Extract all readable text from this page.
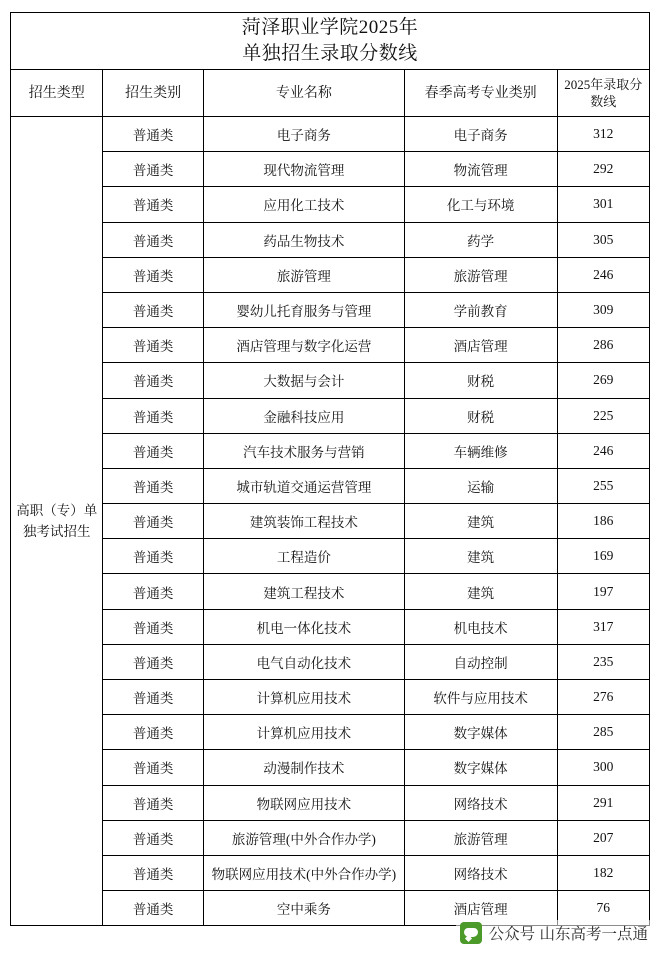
菏泽职业学院2025年
单独招生录取分数线				

招生类型	招生类别	专业名称	春季高考专业类别	2025年录取分数线
高职（专）单独考试招生	普通类	电子商务	电子商务	312
	普通类	现代物流管理	物流管理	292
	普通类	应用化工技术	化工与环境	301
	普通类	药品生物技术	药学	305
	普通类	旅游管理	旅游管理	246
	普通类	婴幼儿托育服务与管理	学前教育	309
	普通类	酒店管理与数字化运营	酒店管理	286
	普通类	大数据与会计	财税	269
	普通类	金融科技应用	财税	225
	普通类	汽车技术服务与营销	车辆维修	246
	普通类	城市轨道交通运营管理	运输	255
	普通类	建筑装饰工程技术	建筑	186
	普通类	工程造价	建筑	169
	普通类	建筑工程技术	建筑	197
	普通类	机电一体化技术	机电技术	317
	普通类	电气自动化技术	自动控制	235
	普通类	计算机应用技术	软件与应用技术	276
	普通类	计算机应用技术	数字媒体	285
	普通类	动漫制作技术	数字媒体	300
	普通类	物联网应用技术	网络技术	291
	普通类	旅游管理(中外合作办学)	旅游管理	207
	普通类	物联网应用技术(中外合作办学)	网络技术	182
	普通类	空中乘务	酒店管理	76
公众号 山东高考一点通
